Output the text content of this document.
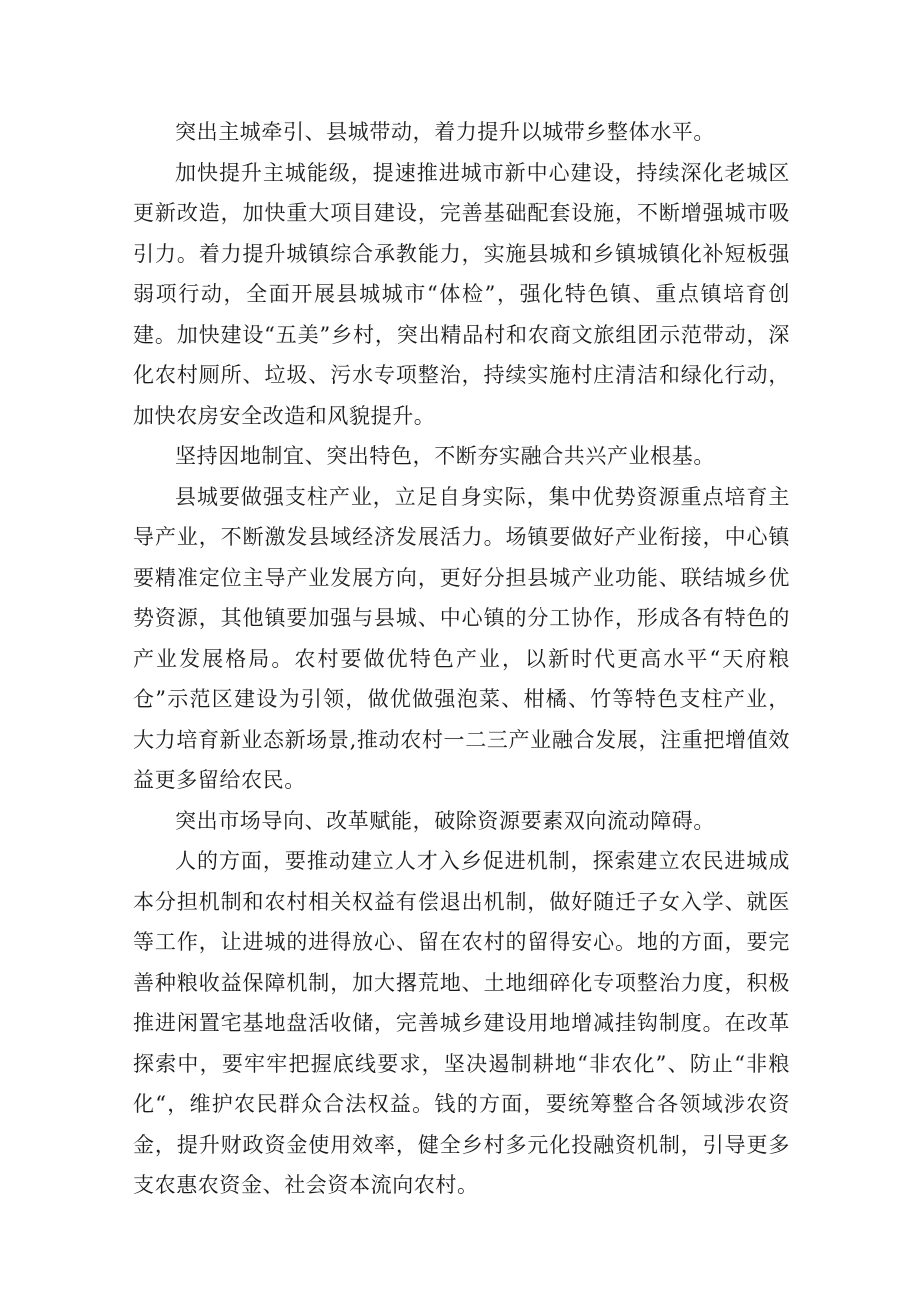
突出主城牵引、县城带动，着力提升以城带乡整体水平。

加快提升主城能级，提速推进城市新中心建设，持续深化老城区更新改造，加快重大项目建设，完善基础配套设施，不断增强城市吸引力。着力提升城镇综合承教能力，实施县城和乡镇城镇化补短板强弱项行动，全面开展县城城市“体检”，强化特色镇、重点镇培育创建。加快建设“五美”乡村，突出精品村和农商文旅组团示范带动，深化农村厕所、垃圾、污水专项整治，持续实施村庄清洁和绿化行动，加快农房安全改造和风貌提升。

坚持因地制宜、突出特色，不断夯实融合共兴产业根基。

县城要做强支柱产业，立足自身实际，集中优势资源重点培育主导产业，不断激发县域经济发展活力。场镇要做好产业衔接，中心镇要精准定位主导产业发展方向，更好分担县城产业功能、联结城乡优势资源，其他镇要加强与县城、中心镇的分工协作，形成各有特色的产业发展格局。农村要做优特色产业，以新时代更高水平“天府粮仓”示范区建设为引领，做优做强泡菜、柑橘、竹等特色支柱产业，大力培育新业态新场景,推动农村一二三产业融合发展，注重把增值效益更多留给农民。

突出市场导向、改革赋能，破除资源要素双向流动障碍。

人的方面，要推动建立人才入乡促进机制，探索建立农民进城成本分担机制和农村相关权益有偿退出机制，做好随迁子女入学、就医等工作，让进城的进得放心、留在农村的留得安心。地的方面，要完善种粮收益保障机制，加大撂荒地、土地细碎化专项整治力度，积极推进闲置宅基地盘活收储，完善城乡建设用地增减挂钩制度。在改革探索中，要牢牢把握底线要求，坚决遏制耕地“非农化”、防止“非粮化“，维护农民群众合法权益。钱的方面，要统筹整合各领域涉农资金，提升财政资金使用效率，健全乡村多元化投融资机制，引导更多支农惠农资金、社会资本流向农村。
